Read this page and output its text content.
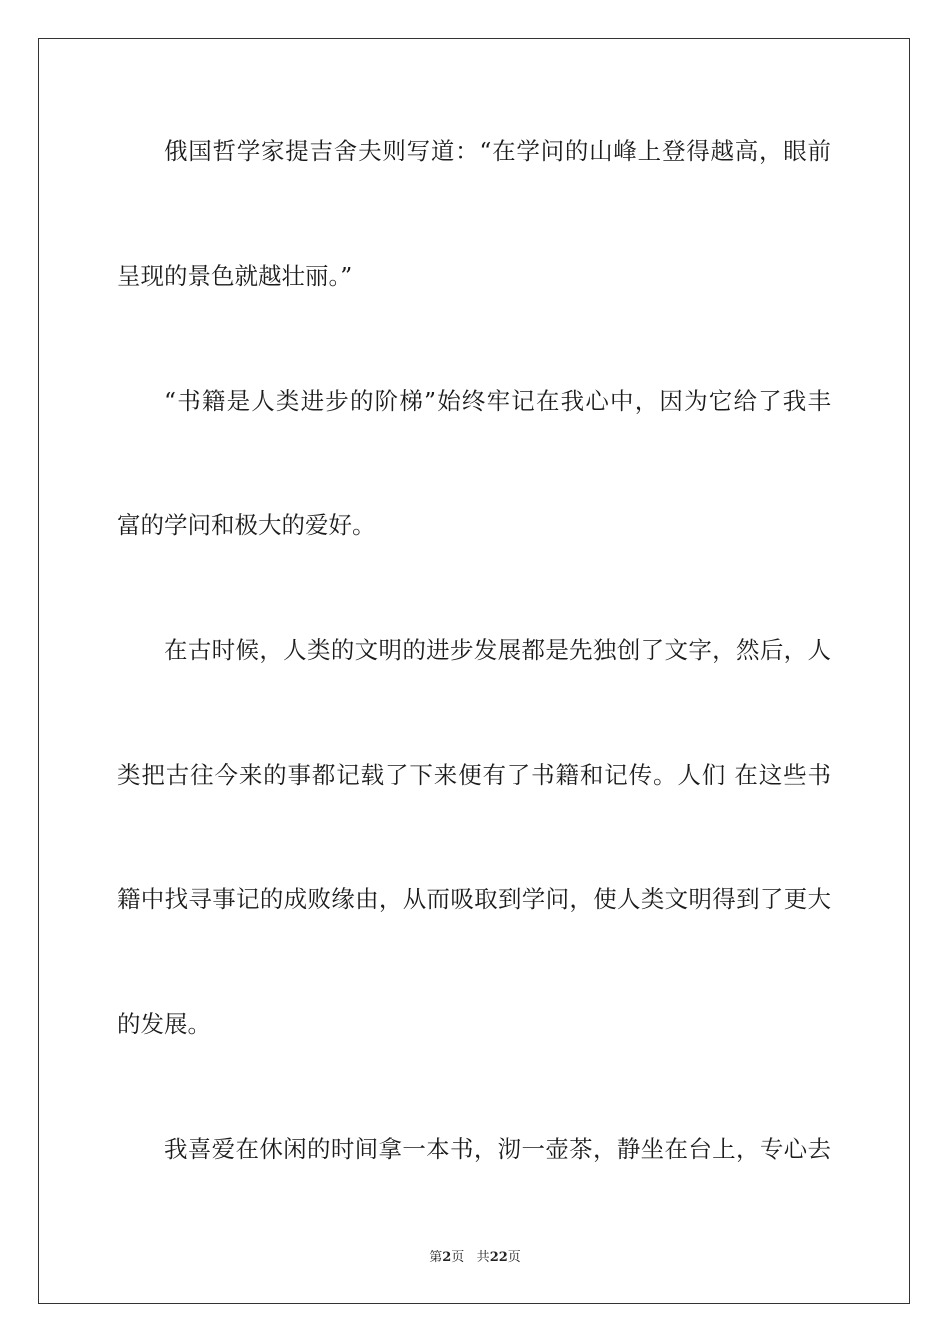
俄国哲学家提吉舍夫则写道：“在学问的山峰上登得越高，眼前
呈现的景色就越壮丽。”
“书籍是人类进步的阶梯”始终牢记在我心中，因为它给了我丰
富的学问和极大的爱好。
在古时候，人类的文明的进步发展都是先独创了文字，然后，人
类把古往今来的事都记载了下来便有了书籍和记传。人们 在这些书
籍中找寻事记的成败缘由，从而吸取到学问，使人类文明得到了更大
的发展。
我喜爱在休闲的时间拿一本书，沏一壶茶，静坐在台上，专心去
第2页 共22页
